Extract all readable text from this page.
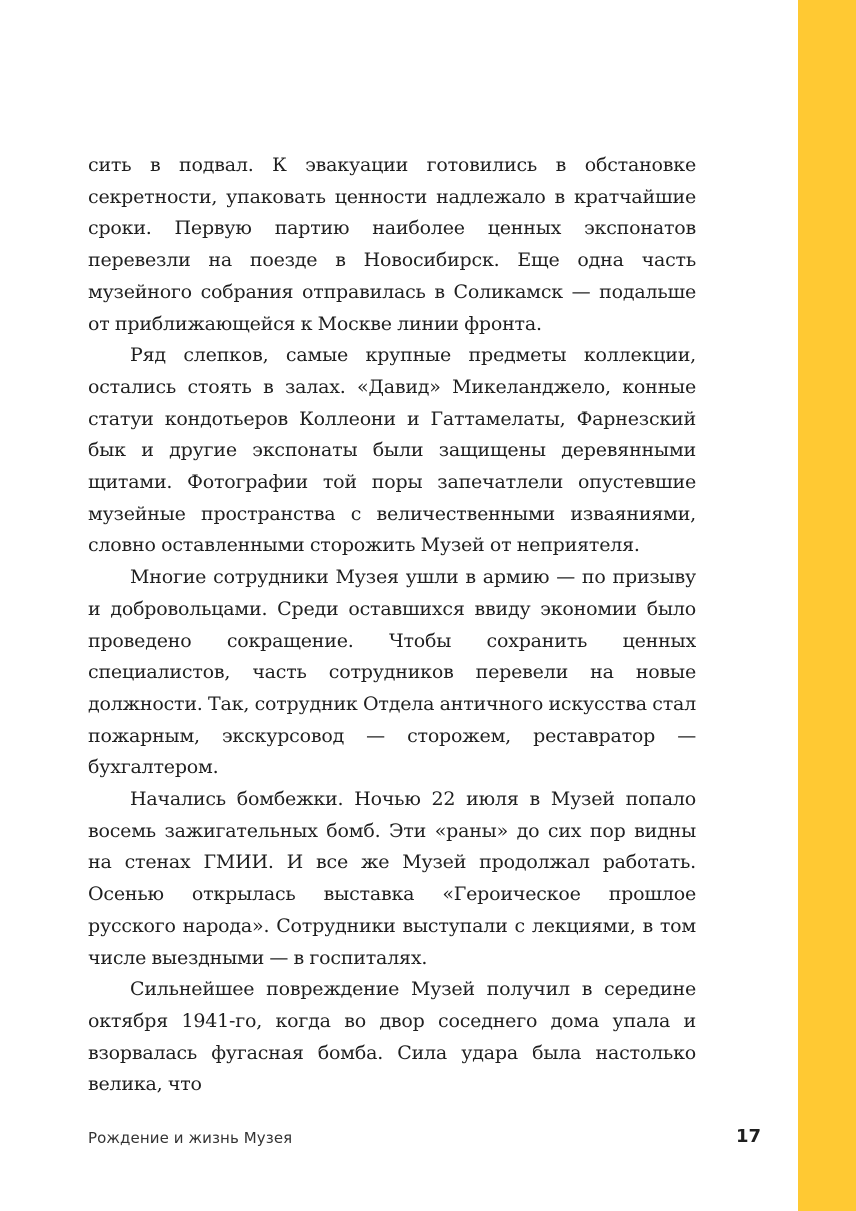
сить в подвал. К эвакуации готовились в обстановке секретности, упаковать ценности надлежало в кратчайшие сроки. Первую партию наиболее ценных экспонатов перевезли на поезде в Новосибирск. Еще одна часть музейного собрания отправилась в Соликамск — подальше от приближающейся к Москве линии фронта.

Ряд слепков, самые крупные предметы коллекции, остались стоять в залах. «Давид» Микеланджело, конные статуи кондотьеров Коллеони и Гаттамелаты, Фарнезский бык и другие экспонаты были защищены деревянными щитами. Фотографии той поры запечатлели опустевшие музейные пространства с величественными изваяниями, словно оставленными сторожить Музей от неприятеля.

Многие сотрудники Музея ушли в армию — по призыву и добровольцами. Среди оставшихся ввиду экономии было проведено сокращение. Чтобы сохранить ценных специалистов, часть сотрудников перевели на новые должности. Так, сотрудник Отдела античного искусства стал пожарным, экскурсовод — сторожем, реставратор — бухгалтером.

Начались бомбежки. Ночью 22 июля в Музей попало восемь зажигательных бомб. Эти «раны» до сих пор видны на стенах ГМИИ. И все же Музей продолжал работать. Осенью открылась выставка «Героическое прошлое русского народа». Сотрудники выступали с лекциями, в том числе выездными — в госпиталях.

Сильнейшее повреждение Музей получил в середине октября 1941-го, когда во двор соседнего дома упала и взорвалась фугасная бомба. Сила удара была настолько велика, что

Рождение и жизнь Музея	17
